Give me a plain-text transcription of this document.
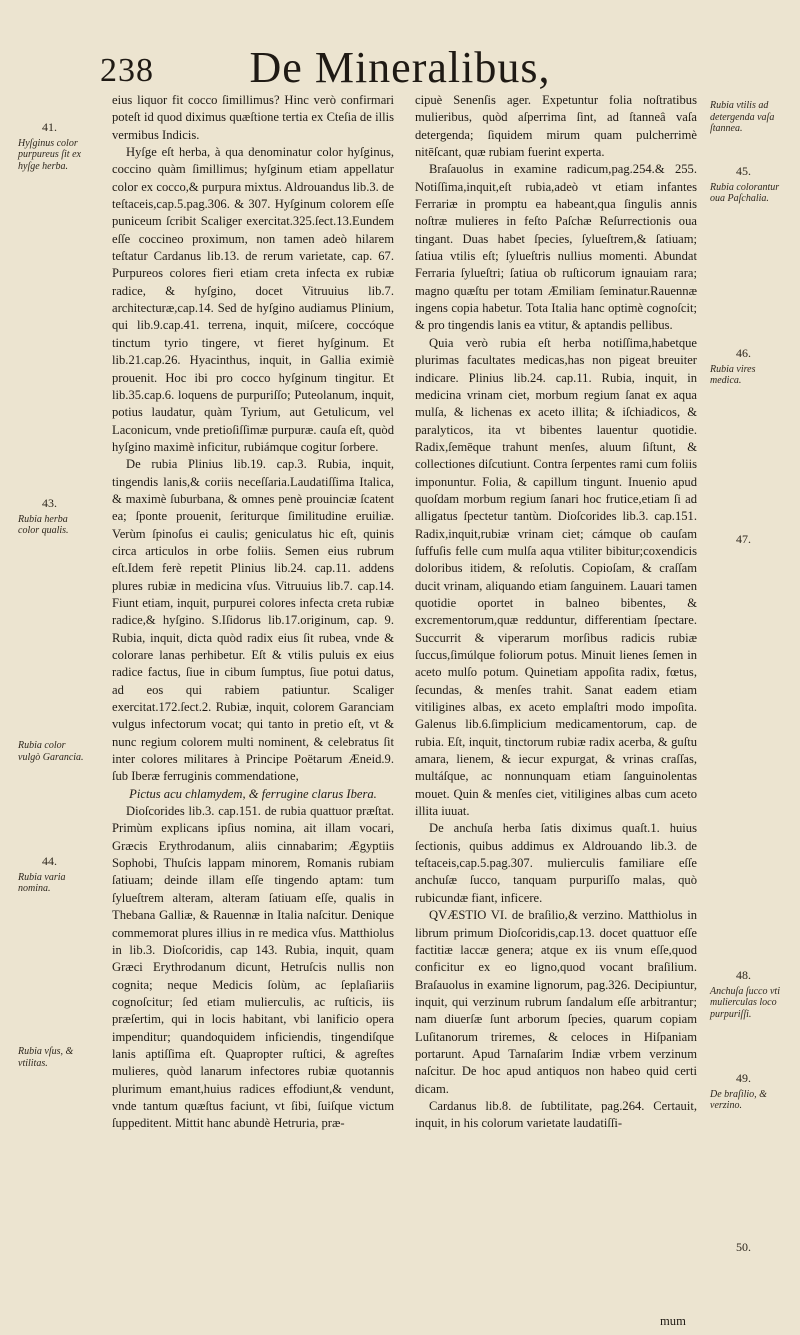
238	De Mineralibus,

eius liquor fit cocco ſimillimus? Hinc verò confirmari poteſt id quod diximus quæſtione tertia ex Cteſia de illis vermibus Indicis.

Hyſge eſt herba, à qua denominatur color hyſginus, coccino quàm ſimillimus; hyſginum etiam appellatur color ex cocco,& purpura mixtus. Aldrouandus lib.3. de teſtaceis,cap.5.pag.306. & 307. Hyſginum colorem eſſe puniceum ſcribit Scaliger exercitat.325.ſect.13.Eundem eſſe coccineo proximum, non tamen adeò hilarem teſtatur Cardanus lib.13. de rerum varietate, cap. 67. Purpureos colores fieri etiam creta infecta ex rubiæ radice, & hyſgino, docet Vitruuius lib.7. architecturæ,cap.14. Sed de hyſgino audiamus Plinium, qui lib.9.cap.41. terrena, inquit, miſcere, coccóque tinctum tyrio tingere, vt fieret hyſginum. Et lib.21.cap.26. Hyacinthus, inquit, in Gallia eximiè prouenit. Hoc ibi pro cocco hyſginum tingitur. Et lib.35.cap.6. loquens de purpuriſſo; Puteolanum, inquit, potius laudatur, quàm Tyrium, aut Getulicum, vel Laconicum, vnde pretioſiſſimæ purpuræ. cauſa eſt, quòd hyſgino maximè inficitur, rubiámque cogitur ſorbere.

De rubia Plinius lib.19. cap.3. Rubia, inquit, tingendis lanis,& coriis neceſſaria.Laudatiſſima Italica, & maximè ſuburbana, & omnes penè prouinciæ ſcatent ea; ſponte prouenit, ſeriturque ſimilitudine eruiliæ. Verùm ſpinoſus ei caulis; geniculatus hic eſt, quinis circa articulos in orbe foliis. Semen eius rubrum eſt.Idem ferè repetit Plinius lib.24. cap.11. addens plures rubiæ in medicina vſus. Vitruuius lib.7. cap.14. Fiunt etiam, inquit, purpurei colores infecta creta rubiæ radice,& hyſgino. S.Iſidorus lib.17.originum, cap. 9. Rubia, inquit, dicta quòd radix eius ſit rubea, vnde & colorare lanas perhibetur. Eſt & vtilis puluis ex eius radice factus, ſiue in cibum ſumptus, ſiue potui datus, ad eos qui rabiem patiuntur. Scaliger exercitat.172.ſect.2. Rubiæ, inquit, colorem Garanciam vulgus infectorum vocat; qui tanto in pretio eſt, vt & nunc regium colorem multi nominent, & celebratus ſit inter colores militares à Principe Poëtarum Æneid.9. ſub Iberæ ferruginis commendatione,

Pictus acu chlamydem, & ferrugine clarus Ibera.

Dioſcorides lib.3. cap.151. de rubia quattuor præſtat. Primùm explicans ipſius nomina, ait illam vocari, Græcis Erythrodanum, aliis cinnabarim; Ægyptiis Sophobi, Thuſcis lappam minorem, Romanis rubiam ſatiuam; deinde illam eſſe tingendo aptam: tum ſylueſtrem alteram, alteram ſatiuam eſſe, qualis in Thebana Galliæ, & Rauennæ in Italia naſcitur. Denique commemorat plures illius in re medica vſus. Matthiolus in lib.3. Dioſcoridis, cap 143. Rubia, inquit, quam Græci Erythrodanum dicunt, Hetruſcis nullis non cognita; neque Medicis ſolùm, ac ſeplaſiariis cognoſcitur; ſed etiam mulierculis, ac ruſticis, iis præſertim, qui in locis habitant, vbi lanificio opera impenditur; quandoquidem inficiendis, tingendiſque lanis aptiſſima eſt. Quapropter ruſtici, & agreſtes mulieres, quòd lanarum infectores rubiæ quotannis plurimum emant,huius radices effodiunt,& vendunt, vnde tantum quæſtus faciunt, vt ſibi, ſuiſque victum ſuppeditent. Mittit hanc abundè Hetruria, præ-

cipuè Senenſis ager. Expetuntur folia noſtratibus mulieribus, quòd aſperrima ſint, ad ſtanneâ vaſa detergenda; ſiquidem mirum quam pulcherrimè nitēſcant, quæ rubiam fuerint experta.

Braſauolus in examine radicum,pag.254.& 255. Notiſſima,inquit,eſt rubia,adeò vt etiam infantes Ferrariæ in promptu ea habeant,qua ſingulis annis noſtræ mulieres in feſto Paſchæ Reſurrectionis oua tingant. Duas habet ſpecies, ſylueſtrem,& ſatiuam; ſatiua vtilis eſt; ſylueſtris nullius momenti. Abundat Ferraria ſylueſtri; ſatiua ob ruſticorum ignauiam rara; magno quæſtu per totam Æmiliam ſeminatur.Rauennæ ingens copia habetur. Tota Italia hanc optimè cognoſcit; & pro tingendis lanis ea vtitur, & aptandis pellibus.

Quia verò rubia eſt herba notiſſima,habetque plurimas facultates medicas,has non pigeat breuiter indicare. Plinius lib.24. cap.11. Rubia, inquit, in medicina vrinam ciet, morbum regium ſanat ex aqua mulſa, & lichenas ex aceto illita; & iſchiadicos, & paralyticos, ita vt bibentes lauentur quotidie. Radix,ſemēque trahunt menſes, aluum ſiſtunt, & collectiones diſcutiunt. Contra ſerpentes rami cum foliis imponuntur. Folia, & capillum tingunt. Inuenio apud quoſdam morbum regium ſanari hoc frutice,etiam ſi ad alligatus ſpectetur tantùm. Dioſcorides lib.3. cap.151. Radix,inquit,rubiæ vrinam ciet; cámque ob cauſam ſuffuſis felle cum mulſa aqua vtiliter bibitur;coxendicis doloribus itidem, & reſolutis. Copioſam, & craſſam ducit vrinam, aliquando etiam ſanguinem. Lauari tamen quotidie oportet in balneo bibentes, & excrementorum,quæ redduntur, differentiam ſpectare. Succurrit & viperarum morſibus radicis rubiæ ſuccus,ſimúlque foliorum potus. Minuit lienes ſemen in aceto mulſo potum. Quinetiam appoſita radix, fœtus, ſecundas, & menſes trahit. Sanat eadem etiam vitiligines albas, ex aceto emplaſtri modo impoſita. Galenus lib.6.ſimplicium medicamentorum, cap. de rubia. Eſt, inquit, tinctorum rubiæ radix acerba, & guſtu amara, lienem, & iecur expurgat, & vrinas craſſas, multáſque, ac nonnunquam etiam ſanguinolentas mouet. Quin & menſes ciet, vitiligines albas cum aceto illita iuuat.

De anchuſa herba ſatis diximus quaſt.1. huius ſectionis, quibus addimus ex Aldrouando lib.3. de teſtaceis,cap.5.pag.307. mulierculis familiare eſſe anchuſæ ſucco, tanquam purpuriſſo malas, quò rubicundæ fiant, inficere.

QVÆSTIO VI. de braſilio,& verzino. Matthiolus in librum primum Dioſcoridis,cap.13. docet quattuor eſſe factitiæ laccæ genera; atque ex iis vnum eſſe,quod conficitur ex eo ligno,quod vocant braſilium. Braſauolus in examine lignorum, pag.326. Decipiuntur, inquit, qui verzinum rubrum ſandalum eſſe arbitrantur; nam diuerſæ ſunt arborum ſpecies, quarum copiam Luſitanorum triremes, & celoces in Hiſpaniam portarunt. Apud Tarnaſarim Indiæ vrbem verzinum naſcitur. De hoc apud antiquos non habeo quid certi dicam.

Cardanus lib.8. de ſubtilitate, pag.264. Certauit, inquit, in his colorum varietate laudatiſſi-

41.
Hyſginus color purpureus ſit ex hyſge herba.
43.
Rubia herba color qualis.
Rubia color vulgò Garancia.
44.
Rubia varia nomina.
Rubia vſus, & vtilitas.
Rubia vtilis ad detergenda vaſa ſtannea.
45.
Rubia colorantur oua Paſchalia.
46.
Rubia vires medica.
47.
48.
Anchuſa ſucco vti mulierculas loco purpuriſſi.
49.
De braſilio, & verzino.
50.
mum
